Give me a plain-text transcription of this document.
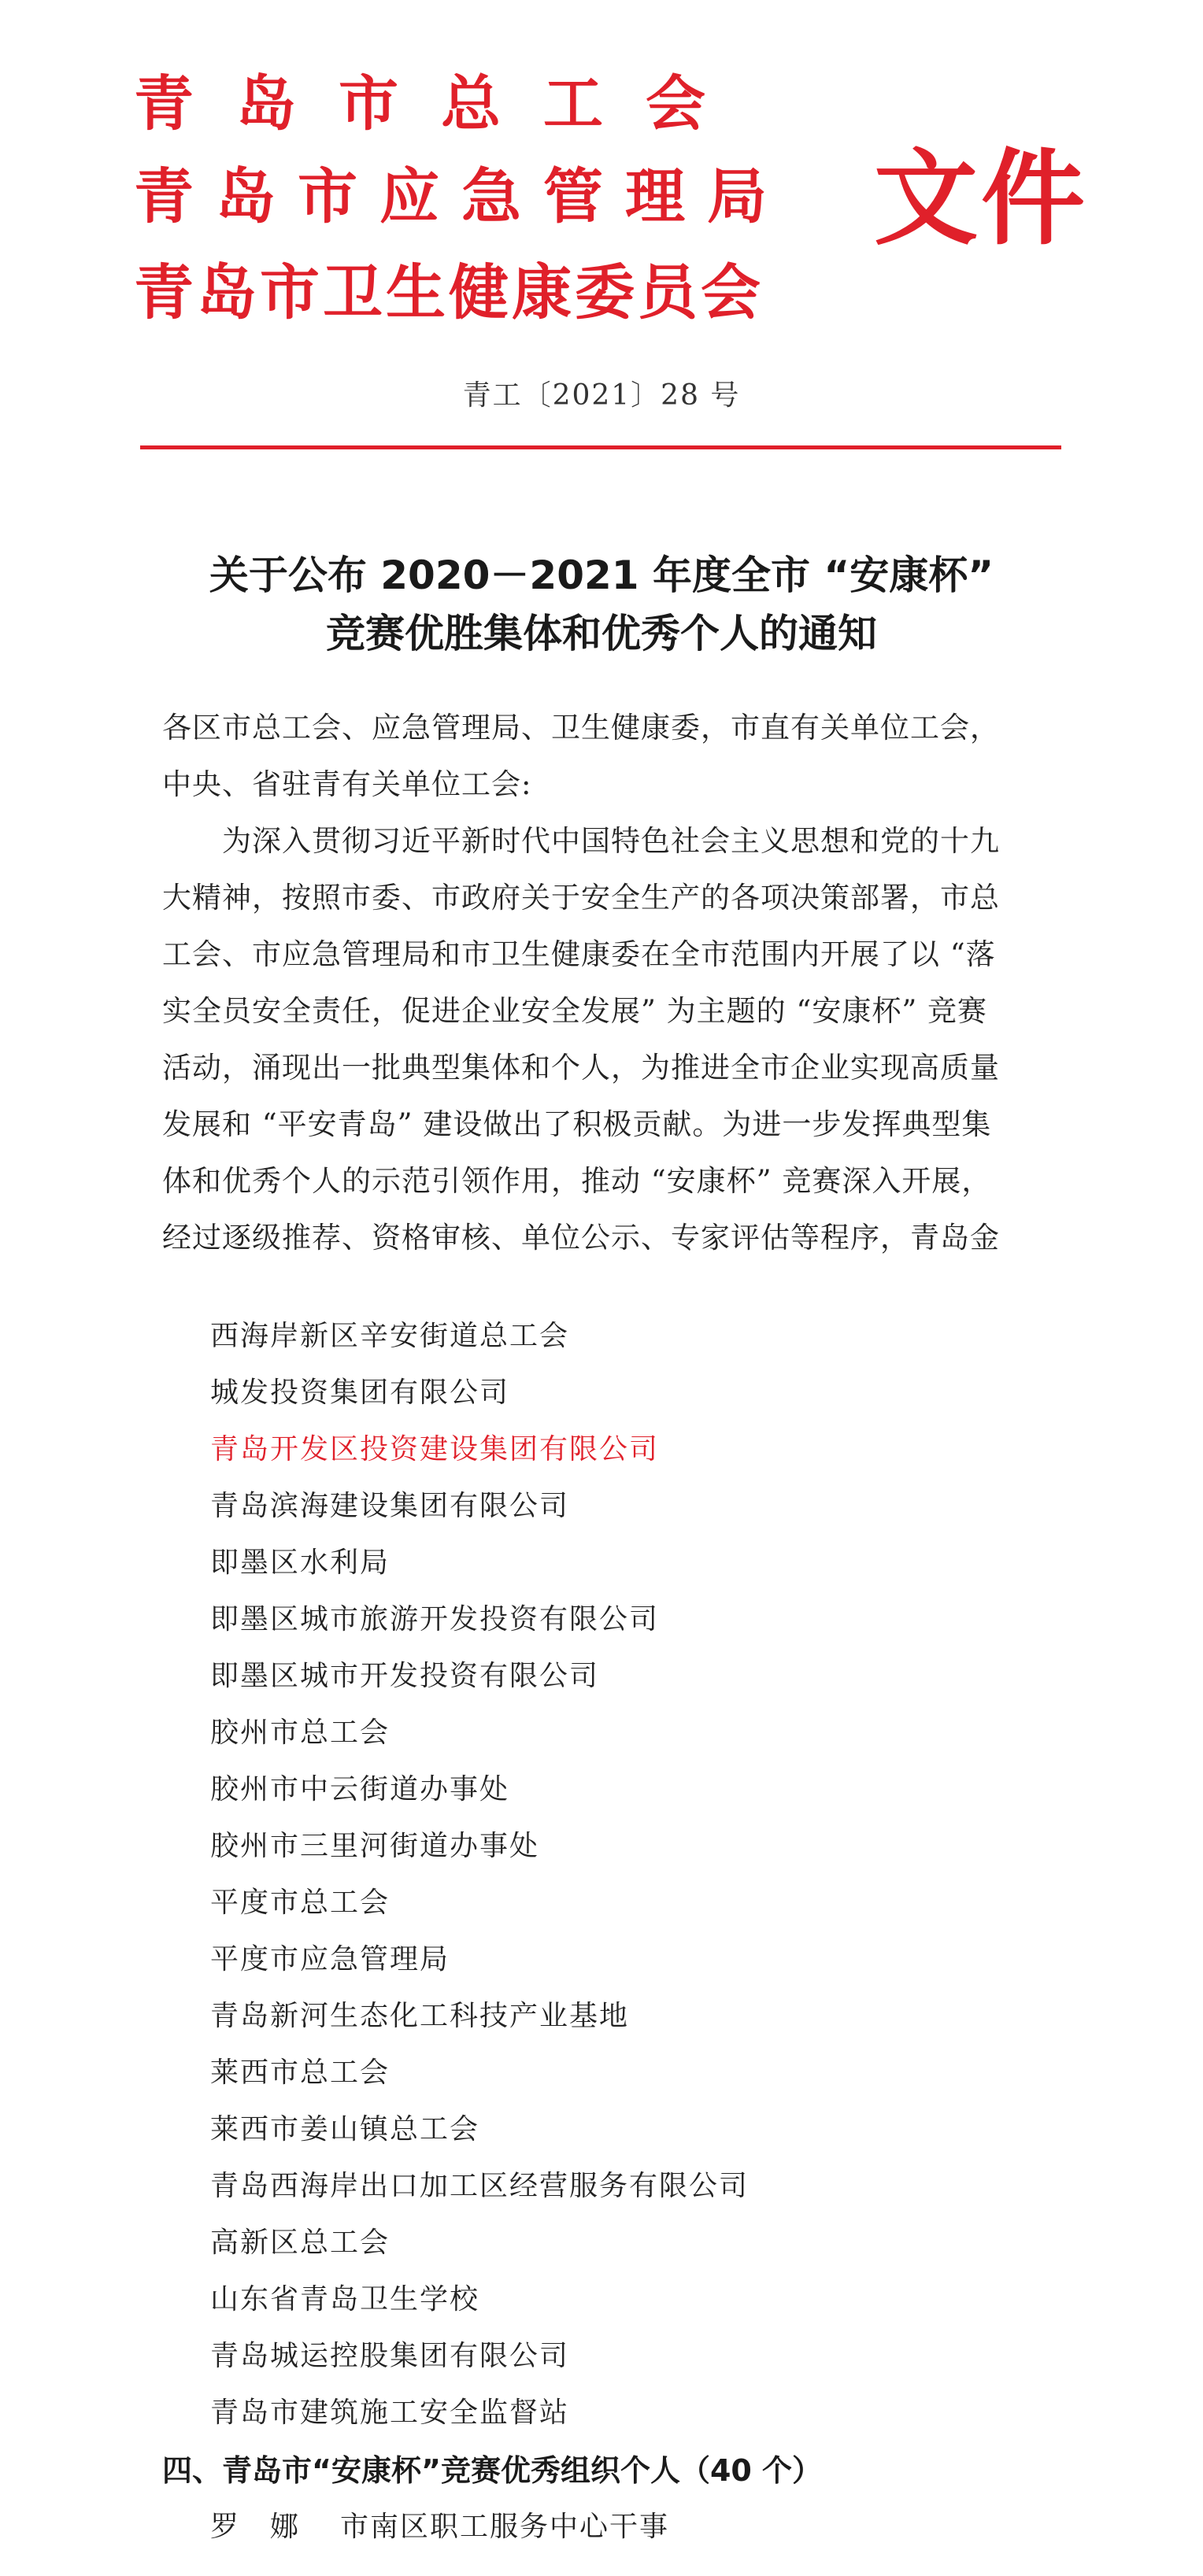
青岛市总工会
青岛市应急管理局
青岛市卫生健康委员会
文件
青工〔2021〕28 号
关于公布 2020－2021 年度全市 “安康杯”
竞赛优胜集体和优秀个人的通知
各区市总工会、应急管理局、卫生健康委，市直有关单位工会，
中央、省驻青有关单位工会:
　　为深入贯彻习近平新时代中国特色社会主义思想和党的十九
大精神，按照市委、市政府关于安全生产的各项决策部署，市总
工会、市应急管理局和市卫生健康委在全市范围内开展了以 “落
实全员安全责任，促进企业安全发展” 为主题的 “安康杯” 竞赛
活动，涌现出一批典型集体和个人，为推进全市企业实现高质量
发展和 “平安青岛” 建设做出了积极贡献。为进一步发挥典型集
体和优秀个人的示范引领作用，推动 “安康杯” 竞赛深入开展，
经过逐级推荐、资格审核、单位公示、专家评估等程序，青岛金
西海岸新区辛安街道总工会
城发投资集团有限公司
青岛开发区投资建设集团有限公司
青岛滨海建设集团有限公司
即墨区水利局
即墨区城市旅游开发投资有限公司
即墨区城市开发投资有限公司
胶州市总工会
胶州市中云街道办事处
胶州市三里河街道办事处
平度市总工会
平度市应急管理局
青岛新河生态化工科技产业基地
莱西市总工会
莱西市姜山镇总工会
青岛西海岸出口加工区经营服务有限公司
高新区总工会
山东省青岛卫生学校
青岛城运控股集团有限公司
青岛市建筑施工安全监督站
四、青岛市“安康杯”竞赛优秀组织个人（40 个）
罗娜 市南区职工服务中心干事
